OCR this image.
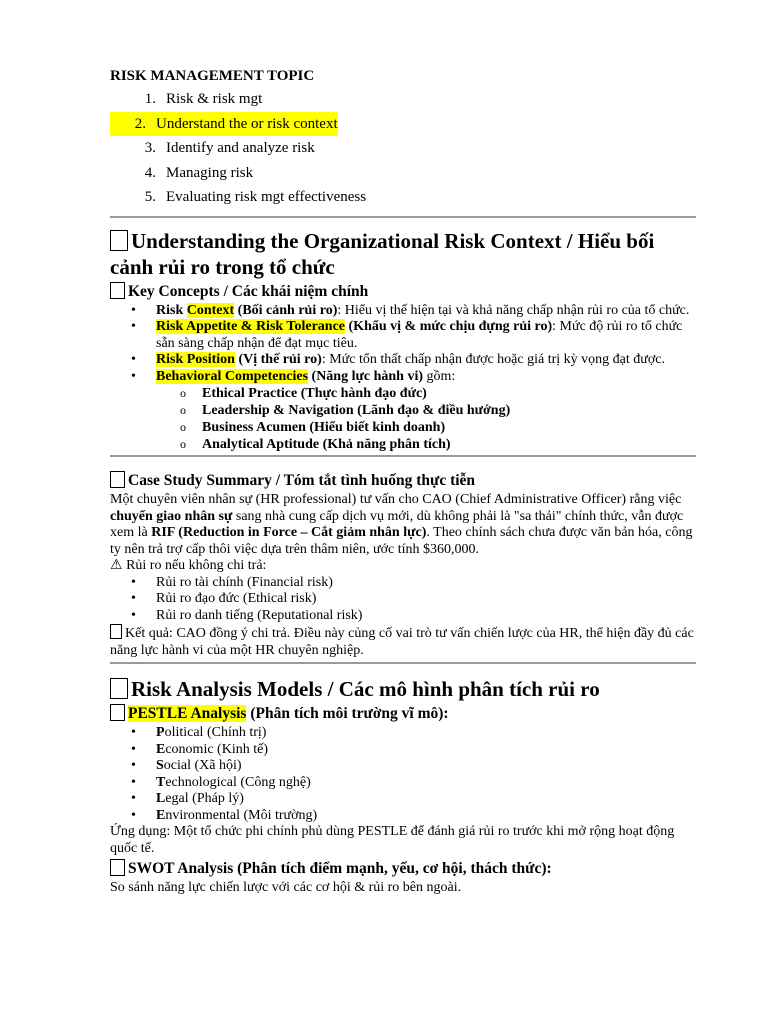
RISK MANAGEMENT TOPIC
1. Risk & risk mgt
2. Understand the or risk context
3. Identify and analyze risk
4. Managing risk
5. Evaluating risk mgt effectiveness
Understanding the Organizational Risk Context / Hiểu bối cảnh rủi ro trong tổ chức
Key Concepts / Các khái niệm chính
• Risk Context (Bối cảnh rủi ro): Hiểu vị thế hiện tại và khả năng chấp nhận rủi ro của tổ chức.
• Risk Appetite & Risk Tolerance (Khẩu vị & mức chịu đựng rủi ro): Mức độ rủi ro tổ chức sẵn sàng chấp nhận để đạt mục tiêu.
• Risk Position (Vị thế rủi ro): Mức tổn thất chấp nhận được hoặc giá trị kỳ vọng đạt được.
• Behavioral Competencies (Năng lực hành vi) gồm:
o Ethical Practice (Thực hành đạo đức)
o Leadership & Navigation (Lãnh đạo & điều hướng)
o Business Acumen (Hiểu biết kinh doanh)
o Analytical Aptitude (Khả năng phân tích)
Case Study Summary / Tóm tắt tình huống thực tiễn

Một chuyên viên nhân sự (HR professional) tư vấn cho CAO (Chief Administrative Officer) rằng việc chuyển giao nhân sự sang nhà cung cấp dịch vụ mới, dù không phải là "sa thải" chính thức, vẫn được xem là RIF (Reduction in Force – Cắt giảm nhân lực). Theo chính sách chưa được văn bản hóa, công ty nên trả trợ cấp thôi việc dựa trên thâm niên, ước tính $360,000.

⚠ Rủi ro nếu không chi trả:

• Rủi ro tài chính (Financial risk)
• Rủi ro đạo đức (Ethical risk)
• Rủi ro danh tiếng (Reputational risk)

Kết quả: CAO đồng ý chi trả. Điều này củng cố vai trò tư vấn chiến lược của HR, thể hiện đầy đủ các năng lực hành vi của một HR chuyên nghiệp.

Risk Analysis Models / Các mô hình phân tích rủi ro
PESTLE Analysis (Phân tích môi trường vĩ mô):
• Political (Chính trị)
• Economic (Kinh tế)
• Social (Xã hội)
• Technological (Công nghệ)
• Legal (Pháp lý)
• Environmental (Môi trường)

Ứng dụng: Một tổ chức phi chính phủ dùng PESTLE để đánh giá rủi ro trước khi mở rộng hoạt động quốc tế.

SWOT Analysis (Phân tích điểm mạnh, yếu, cơ hội, thách thức):

So sánh năng lực chiến lược với các cơ hội & rủi ro bên ngoài.
